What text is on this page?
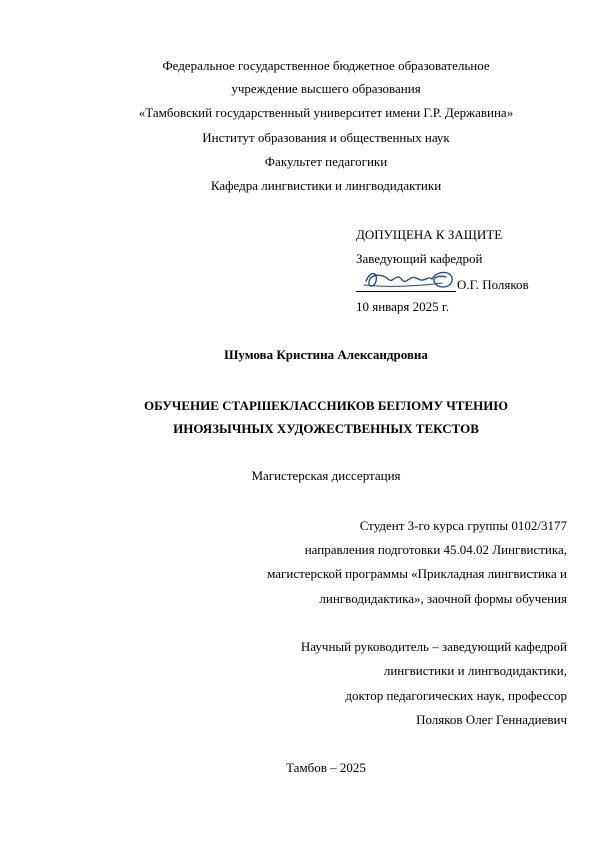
Федеральное государственное бюджетное образовательное
учреждение высшего образования
«Тамбовский государственный университет имени Г.Р. Державина»
Институт образования и общественных наук
Факультет педагогики
Кафедра лингвистики и лингводидактики
ДОПУЩЕНА К ЗАЩИТЕ
Заведующий кафедрой
О.Г. Поляков
10 января 2025 г.
Шумова Кристина Александровна
ОБУЧЕНИЕ СТАРШЕКЛАССНИКОВ БЕГЛОМУ ЧТЕНИЮ
ИНОЯЗЫЧНЫХ ХУДОЖЕСТВЕННЫХ ТЕКСТОВ
Магистерская диссертация
Студент 3-го курса группы 0102/3177
направления подготовки 45.04.02 Лингвистика,
магистерской программы «Прикладная лингвистика и
лингводидактика», заочной формы обучения
Научный руководитель – заведующий кафедрой
лингвистики и лингводидактики,
доктор педагогических наук, профессор
Поляков Олег Геннадиевич
Тамбов – 2025
